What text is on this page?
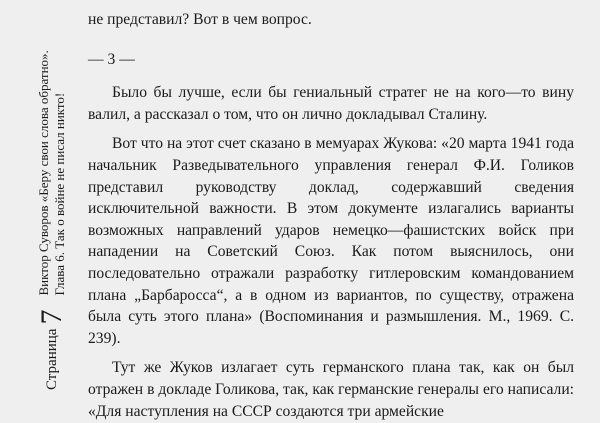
Страница
7
Виктор Суворов «Беру свои слова обратно». Глава 6. Так о войне не писал никто!

не представил? Вот в чем вопрос.

— 3 —

Было бы лучше, если бы гениальный стратег не на кого—то вину валил, а рассказал о том, что он лично докладывал Сталину.

Вот что на этот счет сказано в мемуарах Жукова: «20 марта 1941 года начальник Разведывательного управления генерал Ф.И. Голиков представил руководству доклад, содержавший сведения исключительной важности. В этом документе излагались варианты возможных направлений ударов немецко—фашистских войск при нападении на Советский Союз. Как потом выяснилось, они последовательно отражали разработку гитлеровским командованием плана „Барбаросса“, а в одном из вариантов, по существу, отражена была суть этого плана» (Воспоминания и размышления. М., 1969. С. 239).

Тут же Жуков излагает суть германского плана так, как он был отражен в докладе Голикова, так, как германские генералы его написали: «Для наступления на СССР создаются три армейские
